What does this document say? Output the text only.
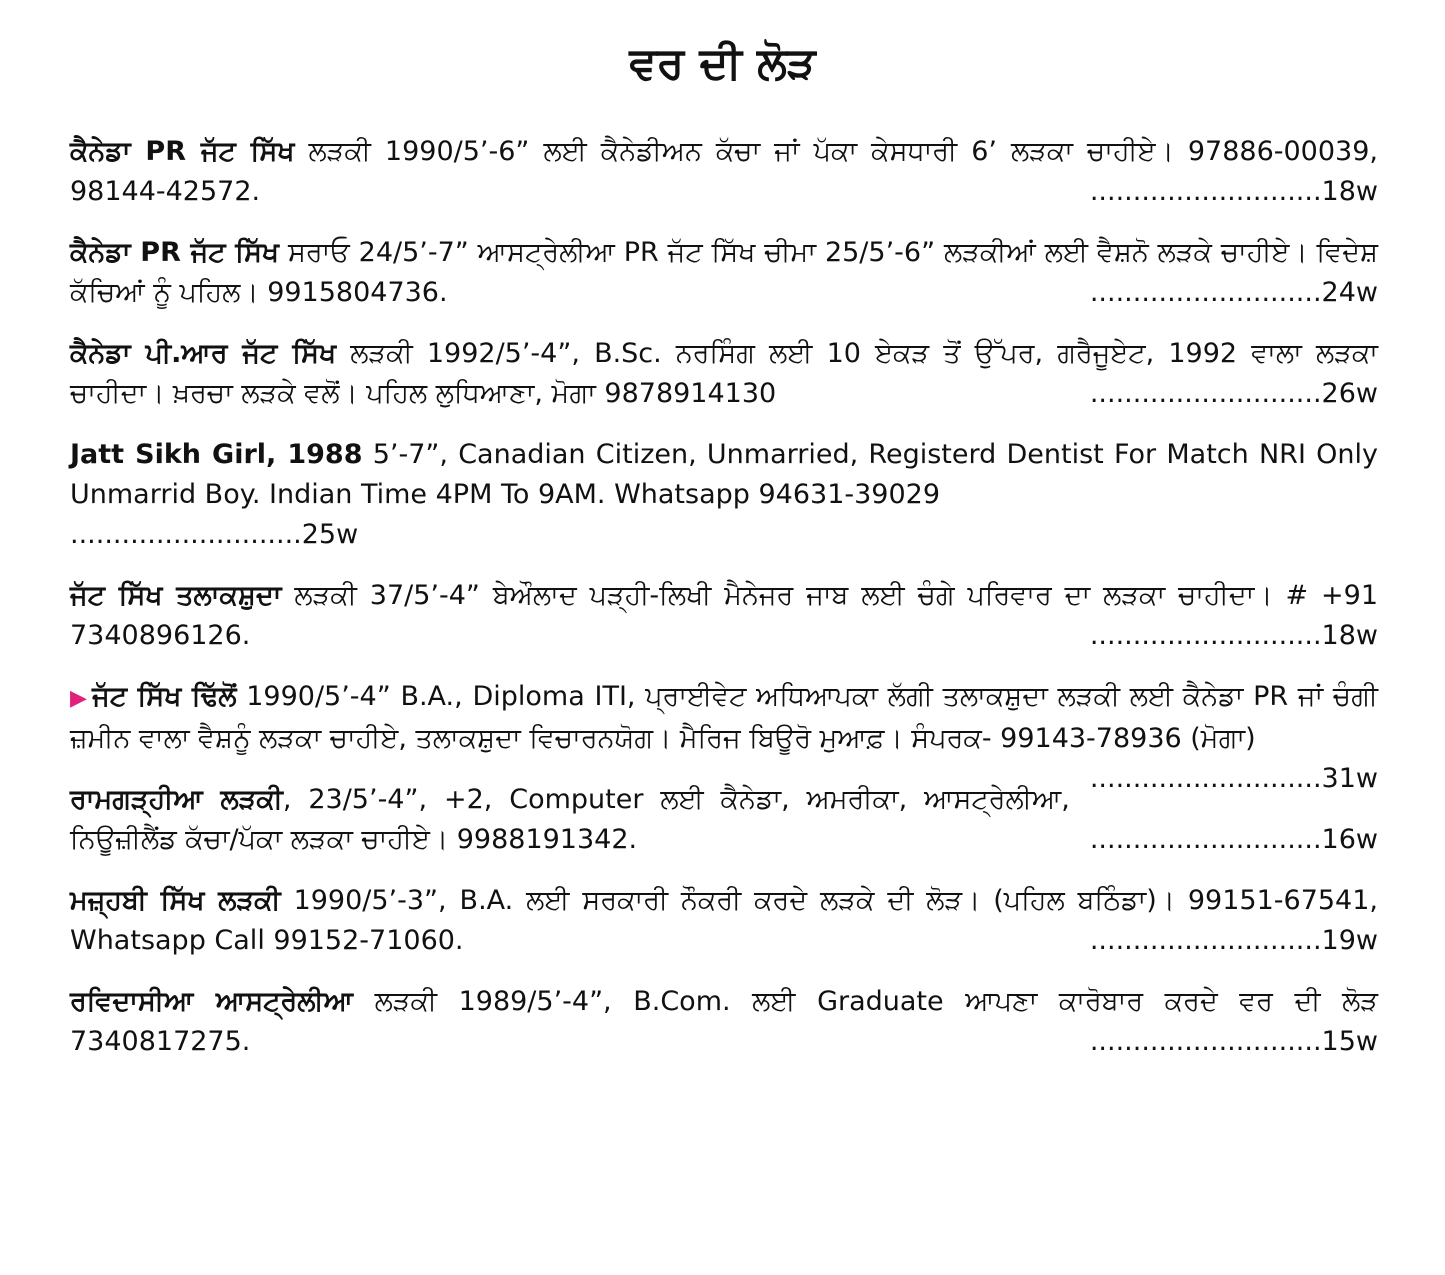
ਵਰ ਦੀ ਲੋੜ

ਕੈਨੇਡਾ PR ਜੱਟ ਸਿੱਖ ਲੜਕੀ 1990/5’-6” ਲਈ ਕੈਨੇਡੀਅਨ ਕੱਚਾ ਜਾਂ ਪੱਕਾ ਕੇਸਧਾਰੀ 6’ ਲੜਕਾ ਚਾਹੀਏ। 97886-00039, 98144-42572.	...........................18w

ਕੈਨੇਡਾ PR ਜੱਟ ਸਿੱਖ ਸਰਾਓ 24/5’-7” ਆਸਟ੍ਰੇਲੀਆ PR ਜੱਟ ਸਿੱਖ ਚੀਮਾ 25/5’-6” ਲੜਕੀਆਂ ਲਈ ਵੈਸ਼ਨੋ ਲੜਕੇ ਚਾਹੀਏ। ਵਿਦੇਸ਼ ਕੱਚਿਆਂ ਨੂੰ ਪਹਿਲ। 9915804736.	...........................24w

ਕੈਨੇਡਾ ਪੀ.ਆਰ ਜੱਟ ਸਿੱਖ ਲੜਕੀ 1992/5’-4”, B.Sc. ਨਰਸਿੰਗ ਲਈ 10 ਏਕੜ ਤੋਂ ਉੱਪਰ, ਗਰੈਜੂਏਟ, 1992 ਵਾਲਾ ਲੜਕਾ ਚਾਹੀਦਾ। ਖ਼ਰਚਾ ਲੜਕੇ ਵਲੋਂ। ਪਹਿਲ ਲੁਧਿਆਣਾ, ਮੋਗਾ 9878914130	...........................26w

Jatt Sikh Girl, 1988 5’-7”, Canadian Citizen, Unmarried, Registerd Dentist For Match NRI Only Unmarrid Boy. Indian Time 4PM To 9AM. Whatsapp 94631-39029
...........................25w

ਜੱਟ ਸਿੱਖ ਤਲਾਕਸ਼ੁਦਾ ਲੜਕੀ 37/5’-4” ਬੇਔਲਾਦ ਪੜ੍ਹੀ-ਲਿਖੀ ਮੈਨੇਜਰ ਜਾਬ ਲਈ ਚੰਗੇ ਪਰਿਵਾਰ ਦਾ ਲੜਕਾ ਚਾਹੀਦਾ। # +91 7340896126.	...........................18w

▶ ਜੱਟ ਸਿੱਖ ਢਿੱਲੋਂ 1990/5’-4” B.A., Diploma ITI, ਪ੍ਰਾਈਵੇਟ ਅਧਿਆਪਕਾ ਲੱਗੀ ਤਲਾਕਸ਼ੁਦਾ ਲੜਕੀ ਲਈ ਕੈਨੇਡਾ PR ਜਾਂ ਚੰਗੀ ਜ਼ਮੀਨ ਵਾਲਾ ਵੈਸ਼ਨੂੰ ਲੜਕਾ ਚਾਹੀਏ, ਤਲਾਕਸ਼ੁਦਾ ਵਿਚਾਰਨਯੋਗ। ਮੈਰਿਜ ਬਿਊਰੋ ਮੁਆਫ਼। ਸੰਪਰਕ- 99143-78936 (ਮੋਗਾ)
...........................31w

ਰਾਮਗੜ੍ਹੀਆ ਲੜਕੀ, 23/5’-4”, +2, Computer ਲਈ ਕੈਨੇਡਾ, ਅਮਰੀਕਾ, ਆਸਟ੍ਰੇਲੀਆ, ਨਿਊਜ਼ੀਲੈਂਡ ਕੱਚਾ/ਪੱਕਾ ਲੜਕਾ ਚਾਹੀਏ। 9988191342.	...........................16w

ਮਜ਼੍ਹਬੀ ਸਿੱਖ ਲੜਕੀ 1990/5’-3”, B.A. ਲਈ ਸਰਕਾਰੀ ਨੌਕਰੀ ਕਰਦੇ ਲੜਕੇ ਦੀ ਲੋੜ। (ਪਹਿਲ ਬਠਿੰਡਾ)। 99151-67541, Whatsapp Call 99152-71060.	...........................19w

ਰਵਿਦਾਸੀਆ ਆਸਟ੍ਰੇਲੀਆ ਲੜਕੀ 1989/5’-4”, B.Com. ਲਈ Graduate ਆਪਣਾ ਕਾਰੋਬਾਰ ਕਰਦੇ ਵਰ ਦੀ ਲੋੜ 7340817275.	...........................15w
